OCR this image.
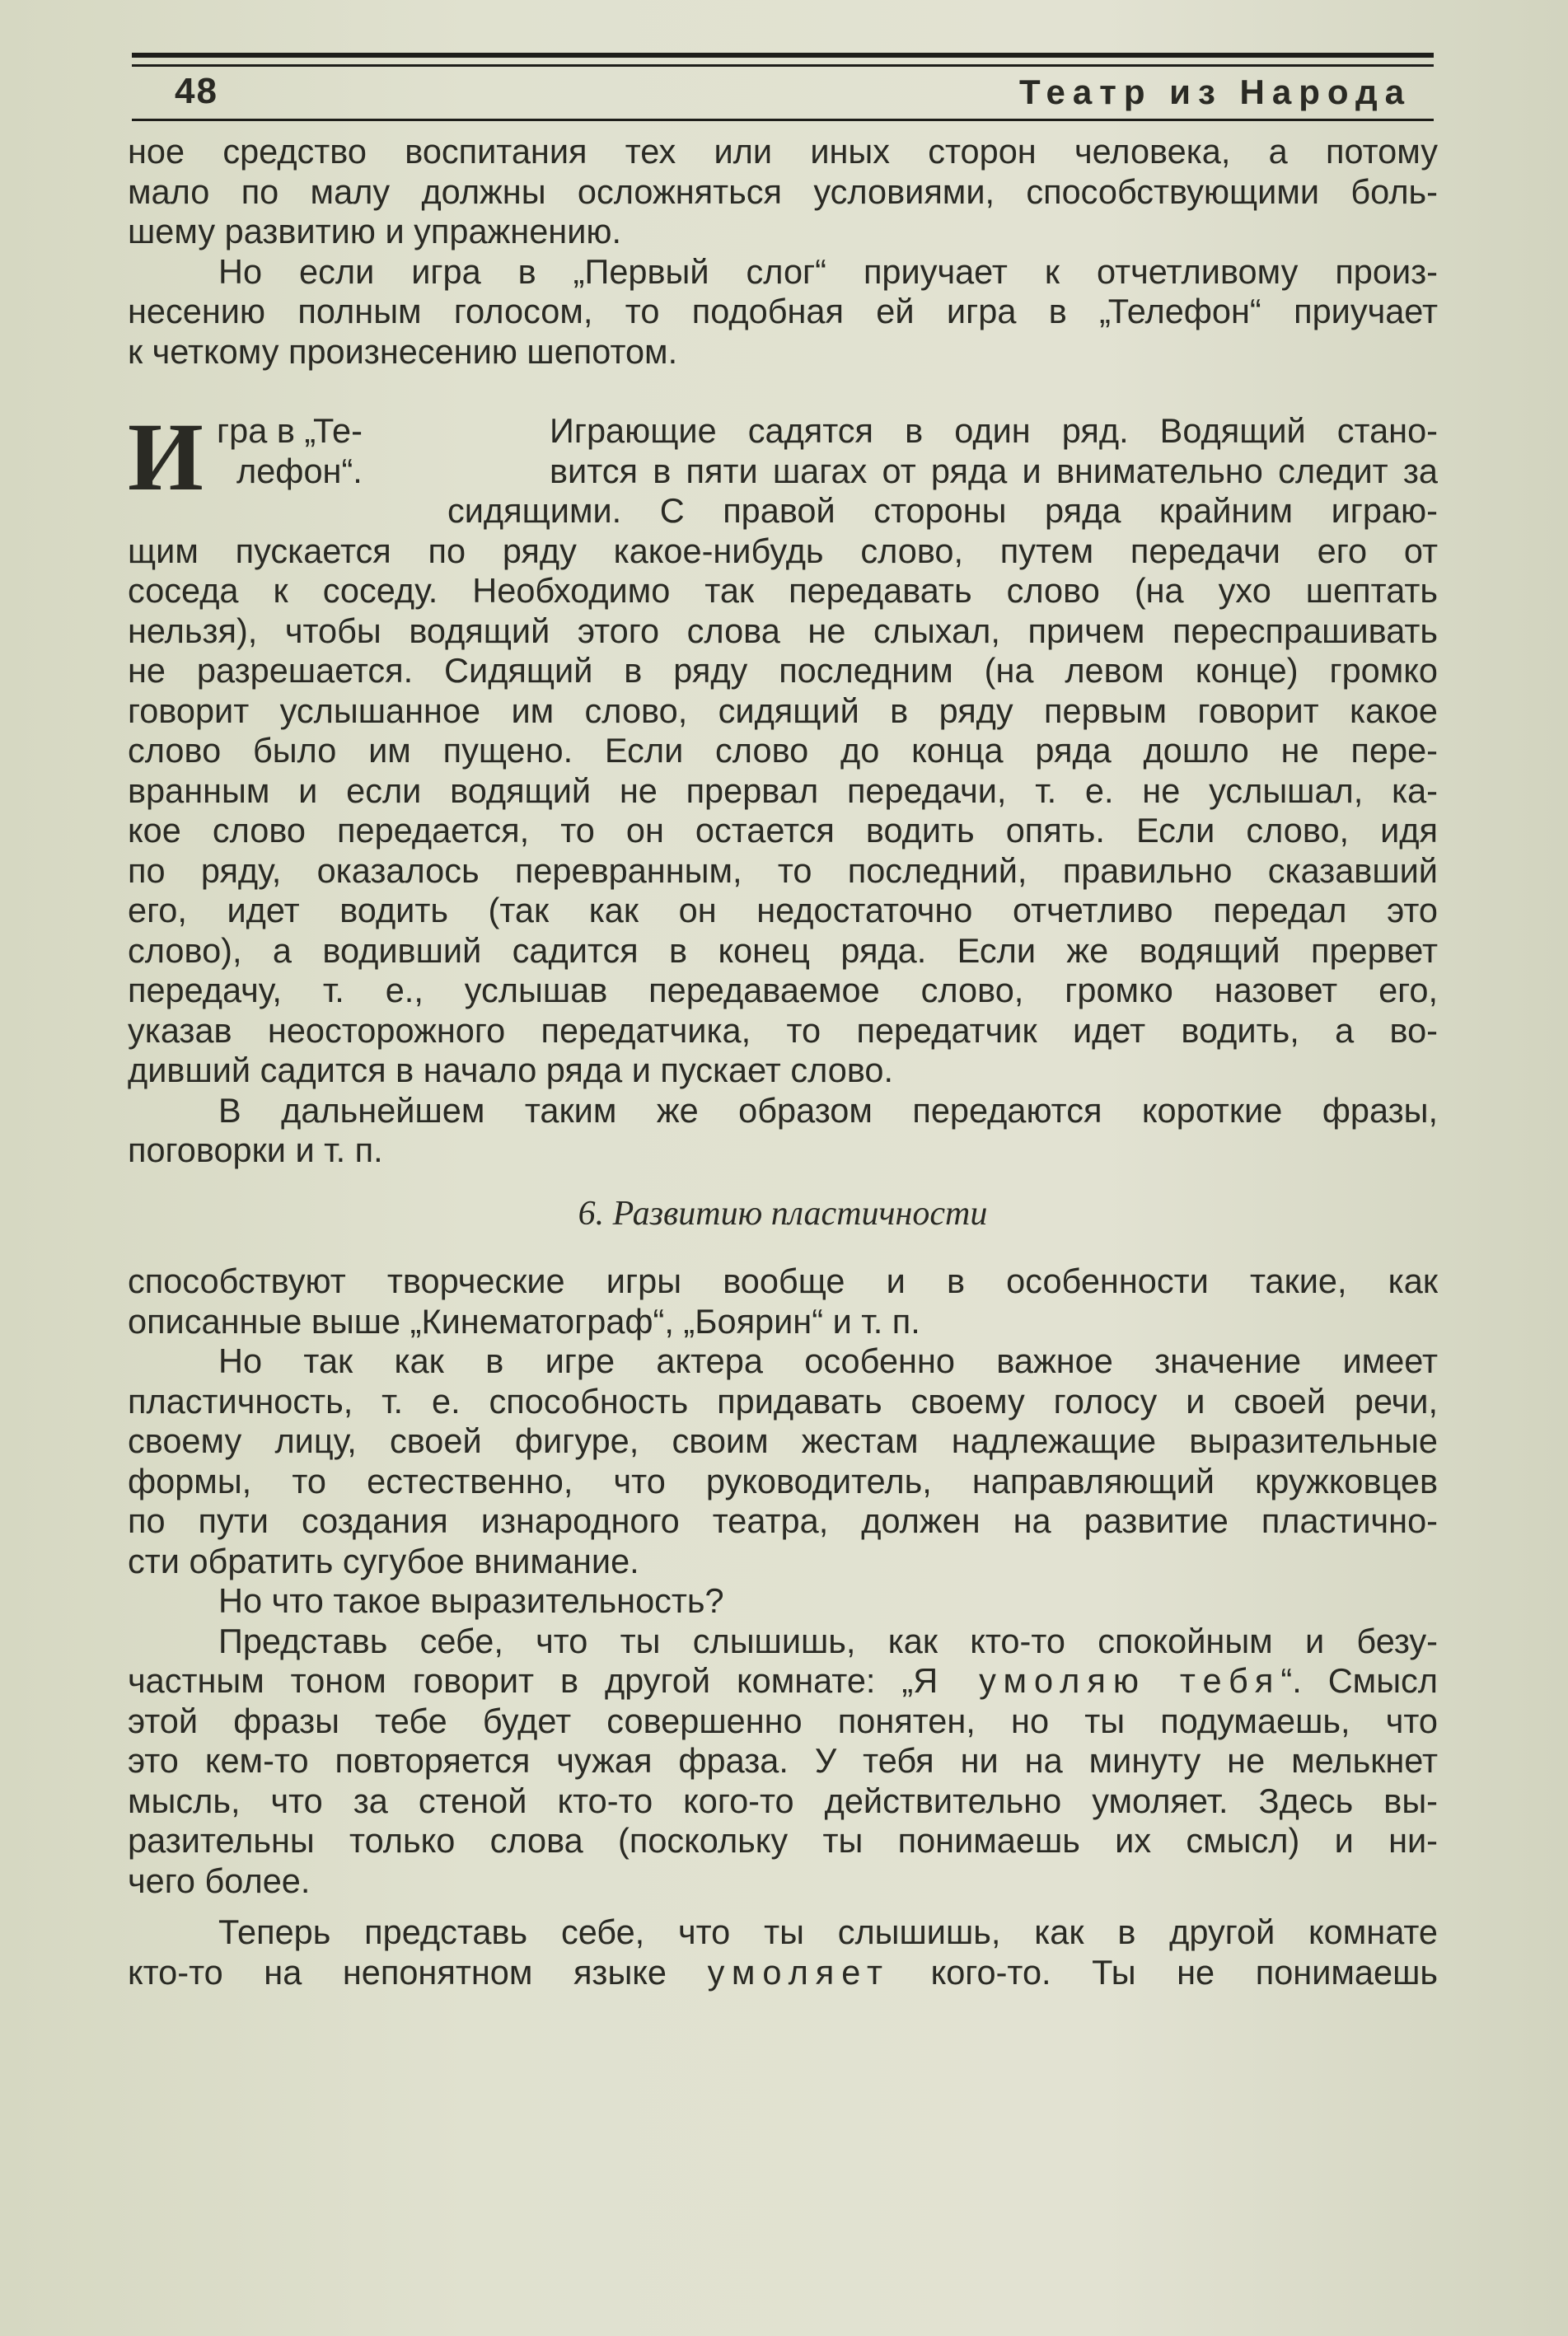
48	Театр из Народа
ное средство воспитания тех или иных сторон человека, а потому
мало по малу должны осложняться условиями, способствующими боль-
шему развитию и упражнению.
Но если игра в „Первый слог“ приучает к отчетливому произ-
несению полным голосом, то подобная ей игра в „Телефон“ приучает
к четкому произнесению шепотом.
И гра в „Те-	Играющие садятся в один ряд. Водящий стано-
лефон“.	вится в пяти шагах от ряда и внимательно следит за
сидящими. С правой стороны ряда крайним играю-
щим пускается по ряду какое-нибудь слово, путем передачи его от
соседа к соседу. Необходимо так передавать слово (на ухо шептать
нельзя), чтобы водящий этого слова не слыхал, причем переспрашивать
не разрешается. Сидящий в ряду последним (на левом конце) громко
говорит услышанное им слово, сидящий в ряду первым говорит какое
слово было им пущено. Если слово до конца ряда дошло не пере-
вранным и если водящий не прервал передачи, т. е. не услышал, ка-
кое слово передается, то он остается водить опять. Если слово, идя
по ряду, оказалось перевранным, то последний, правильно сказавший
его, идет водить (так как он недостаточно отчетливо передал это
слово), а водивший садится в конец ряда. Если же водящий прервет
передачу, т. е., услышав передаваемое слово, громко назовет его,
указав неосторожного передатчика, то передатчик идет водить, а во-
дивший садится в начало ряда и пускает слово.
В дальнейшем таким же образом передаются короткие фразы,
поговорки и т. п.
6. Развитию пластичности
способствуют творческие игры вообще и в особенности такие, как
описанные выше „Кинематограф“, „Боярин“ и т. п.
Но так как в игре актера особенно важное значение имеет
пластичность, т. е. способность придавать своему голосу и своей речи,
своему лицу, своей фигуре, своим жестам надлежащие выразительные
формы, то естественно, что руководитель, направляющий кружковцев
по пути создания изнародного театра, должен на развитие пластично-
сти обратить сугубое внимание.
Но что такое выразительность?
Представь себе, что ты слышишь, как кто-то спокойным и безу-
частным тоном говорит в другой комнате: „Я умоляю тебя“. Смысл
этой фразы тебе будет совершенно понятен, но ты подумаешь, что
это кем-то повторяется чужая фраза. У тебя ни на минуту не мелькнет
мысль, что за стеной кто-то кого-то действительно умоляет. Здесь вы-
разительны только слова (поскольку ты понимаешь их смысл) и ни-
чего более.
Теперь представь себе, что ты слышишь, как в другой комнате
кто-то на непонятном языке умоляет кого-то. Ты не понимаешь
